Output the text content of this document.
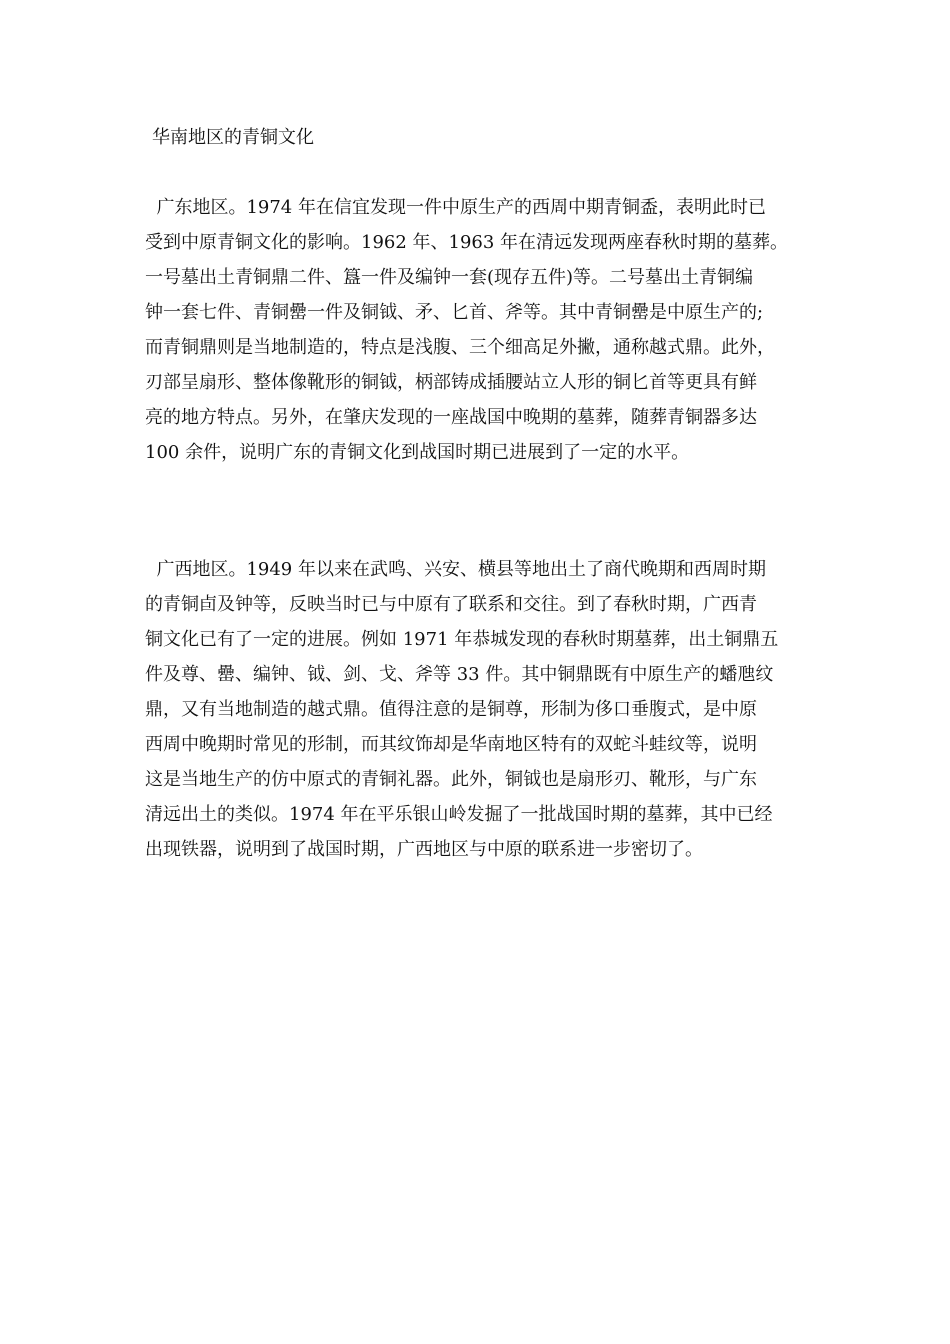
华南地区的青铜文化
广东地区。1974 年在信宜发现一件中原生产的西周中期青铜盉，表明此时已
受到中原青铜文化的影响。1962 年、1963 年在清远发现两座春秋时期的墓葬。
一号墓出土青铜鼎二件、簋一件及编钟一套(现存五件)等。二号墓出土青铜编
钟一套七件、青铜罍一件及铜钺、矛、匕首、斧等。其中青铜罍是中原生产的;
而青铜鼎则是当地制造的，特点是浅腹、三个细高足外撇，通称越式鼎。此外，
刃部呈扇形、整体像靴形的铜钺，柄部铸成插腰站立人形的铜匕首等更具有鲜
亮的地方特点。另外，在肇庆发现的一座战国中晚期的墓葬，随葬青铜器多达
100 余件，说明广东的青铜文化到战国时期已进展到了一定的水平。
广西地区。1949 年以来在武鸣、兴安、横县等地出土了商代晚期和西周时期
的青铜卣及钟等，反映当时已与中原有了联系和交往。到了春秋时期，广西青
铜文化已有了一定的进展。例如 1971 年恭城发现的春秋时期墓葬，出土铜鼎五
件及尊、罍、编钟、钺、剑、戈、斧等 33 件。其中铜鼎既有中原生产的蟠虺纹
鼎，又有当地制造的越式鼎。值得注意的是铜尊，形制为侈口垂腹式，是中原
西周中晚期时常见的形制，而其纹饰却是华南地区特有的双蛇斗蛙纹等，说明
这是当地生产的仿中原式的青铜礼器。此外，铜钺也是扇形刃、靴形，与广东
清远出土的类似。1974 年在平乐银山岭发掘了一批战国时期的墓葬，其中已经
出现铁器，说明到了战国时期，广西地区与中原的联系进一步密切了。
